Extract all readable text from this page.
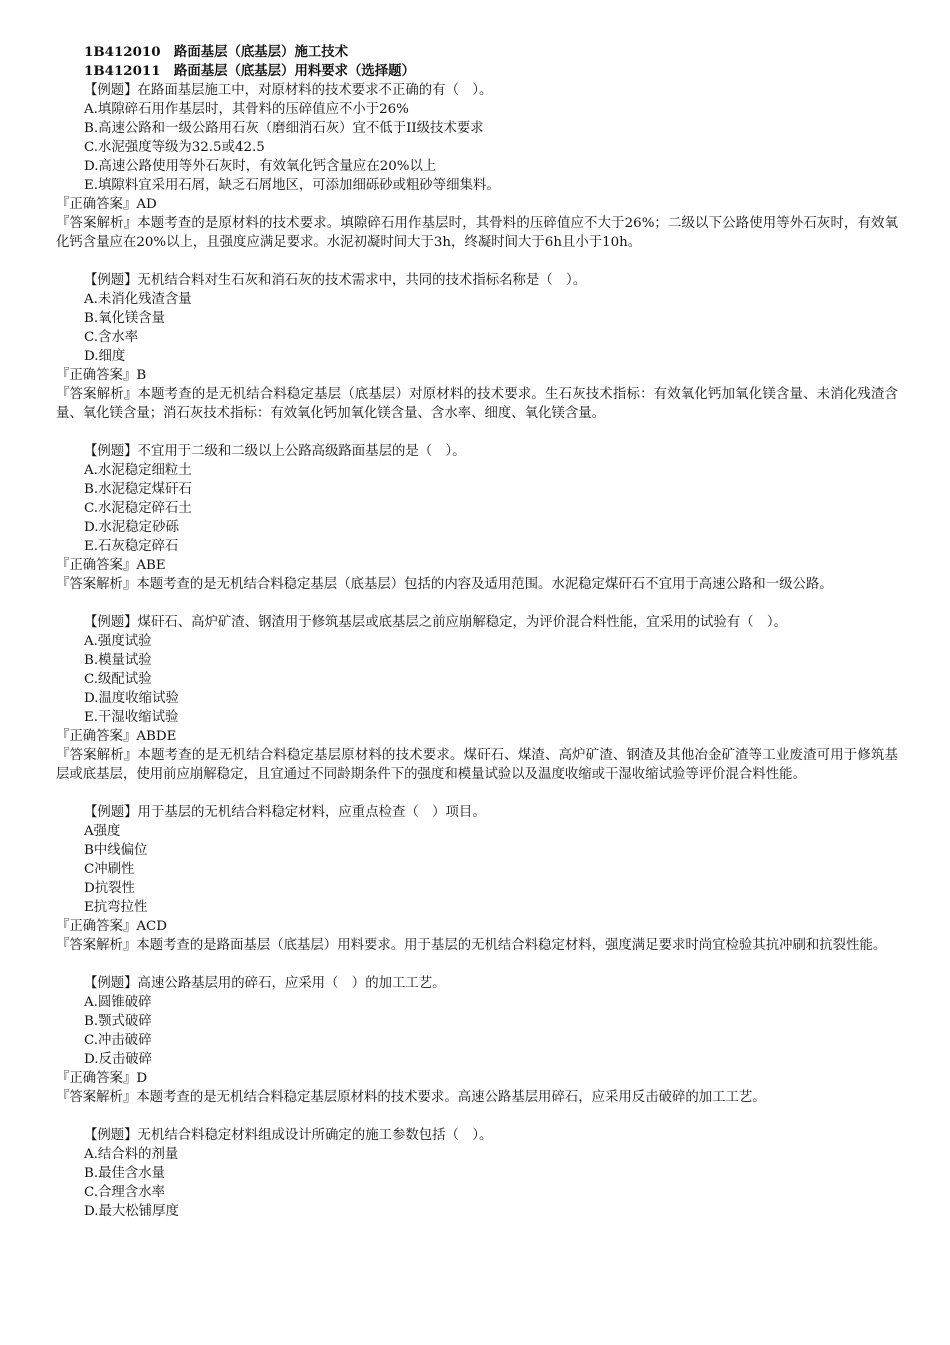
1B412010　路面基层（底基层）施工技术

1B412011　路面基层（底基层）用料要求（选择题）

【例题】在路面基层施工中，对原材料的技术要求不正确的有（　）。

A.填隙碎石用作基层时，其骨料的压碎值应不小于26%

B.高速公路和一级公路用石灰（磨细消石灰）宜不低于II级技术要求

C.水泥强度等级为32.5或42.5

D.高速公路使用等外石灰时，有效氧化钙含量应在20%以上

E.填隙料宜采用石屑，缺乏石屑地区，可添加细砾砂或粗砂等细集料。

『正确答案』AD

『答案解析』本题考查的是原材料的技术要求。填隙碎石用作基层时，其骨料的压碎值应不大于26%；二级以下公路使用等外石灰时，有效氧化钙含量应在20%以上，且强度应满足要求。水泥初凝时间大于3h，终凝时间大于6h且小于10h。

【例题】无机结合料对生石灰和消石灰的技术需求中，共同的技术指标名称是（　）。

A.未消化残渣含量

B.氧化镁含量

C.含水率

D.细度

『正确答案』B

『答案解析』本题考查的是无机结合料稳定基层（底基层）对原材料的技术要求。生石灰技术指标：有效氧化钙加氧化镁含量、未消化残渣含量、氧化镁含量；消石灰技术指标：有效氧化钙加氧化镁含量、含水率、细度、氧化镁含量。

【例题】不宜用于二级和二级以上公路高级路面基层的是（　）。

A.水泥稳定细粒土

B.水泥稳定煤矸石

C.水泥稳定碎石土

D.水泥稳定砂砾

E.石灰稳定碎石

『正确答案』ABE

『答案解析』本题考查的是无机结合料稳定基层（底基层）包括的内容及适用范围。水泥稳定煤矸石不宜用于高速公路和一级公路。

【例题】煤矸石、高炉矿渣、钢渣用于修筑基层或底基层之前应崩解稳定，为评价混合料性能，宜采用的试验有（　）。

A.强度试验

B.模量试验

C.级配试验

D.温度收缩试验

E.干湿收缩试验

『正确答案』ABDE

『答案解析』本题考查的是无机结合料稳定基层原材料的技术要求。煤矸石、煤渣、高炉矿渣、钢渣及其他冶金矿渣等工业废渣可用于修筑基层或底基层，使用前应崩解稳定，且宜通过不同龄期条件下的强度和模量试验以及温度收缩或干湿收缩试验等评价混合料性能。

【例题】用于基层的无机结合料稳定材料，应重点检查（　）项目。

A强度

B中线偏位

C冲刷性

D抗裂性

E抗弯拉性

『正确答案』ACD

『答案解析』本题考查的是路面基层（底基层）用料要求。用于基层的无机结合料稳定材料，强度满足要求时尚宜检验其抗冲刷和抗裂性能。

【例题】高速公路基层用的碎石，应采用（　）的加工工艺。

A.圆锥破碎

B.颚式破碎

C.冲击破碎

D.反击破碎

『正确答案』D

『答案解析』本题考查的是无机结合料稳定基层原材料的技术要求。高速公路基层用碎石，应采用反击破碎的加工工艺。

【例题】无机结合料稳定材料组成设计所确定的施工参数包括（　）。

A.结合料的剂量

B.最佳含水量

C.合理含水率

D.最大松铺厚度
